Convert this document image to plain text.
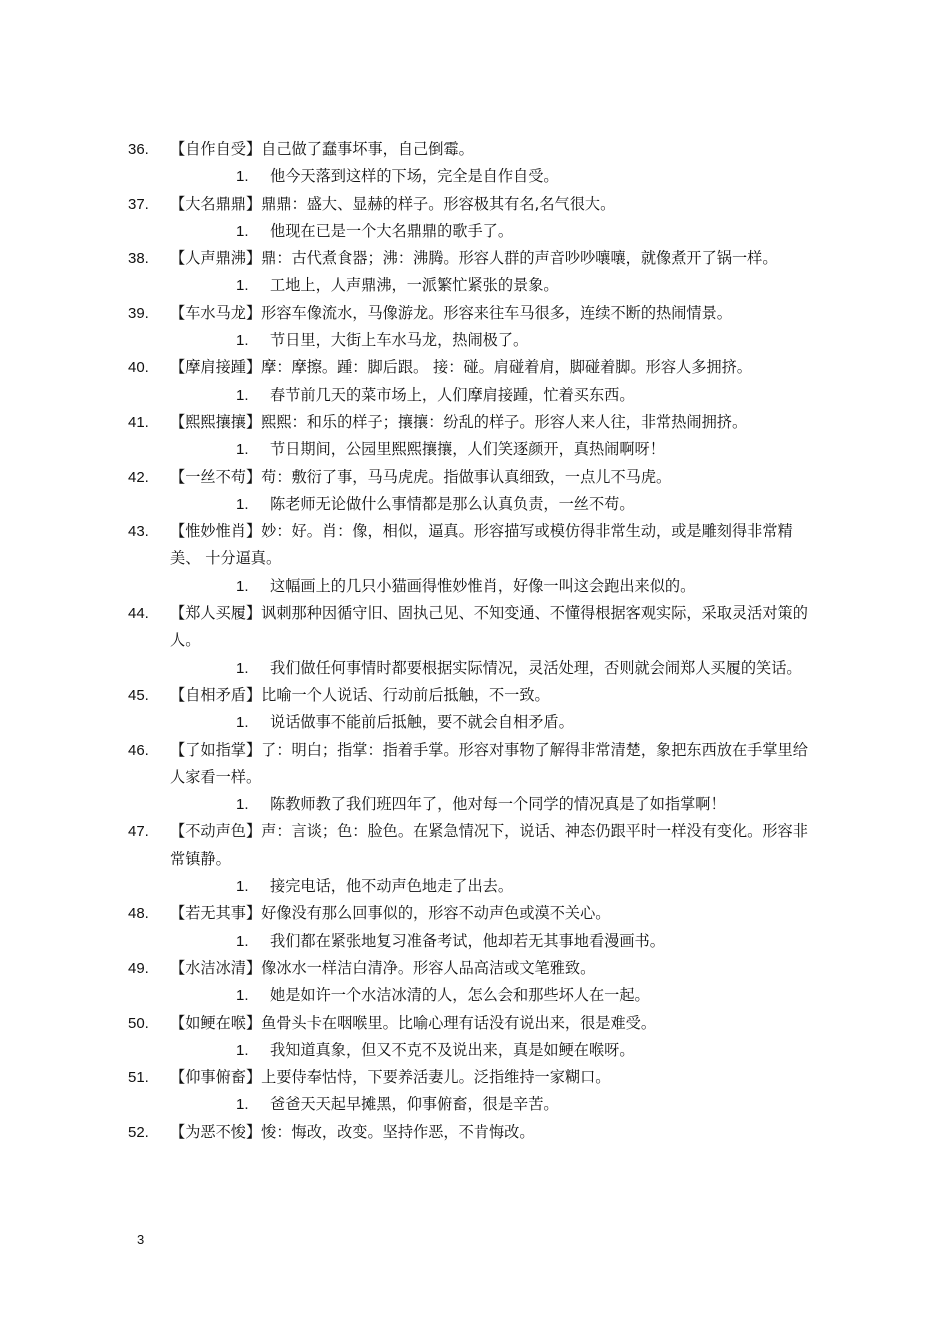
36.	【自作自受】自己做了蠢事坏事，自己倒霉。
1.	他今天落到这样的下场，完全是自作自受。
37.	【大名鼎鼎】鼎鼎：盛大、显赫的样子。形容极其有名,名气很大。
1.	他现在已是一个大名鼎鼎的歌手了。
38.	【人声鼎沸】鼎：古代煮食器；沸：沸腾。形容人群的声音吵吵嚷嚷，就像煮开了锅一样。
1.	工地上，人声鼎沸，一派繁忙紧张的景象。
39.	【车水马龙】形容车像流水，马像游龙。形容来往车马很多，连续不断的热闹情景。
1.	节日里，大街上车水马龙，热闹极了。
40.	【摩肩接踵】摩：摩擦。踵：脚后跟。 接：碰。肩碰着肩，脚碰着脚。形容人多拥挤。
1.	春节前几天的菜市场上，人们摩肩接踵，忙着买东西。
41.	【熙熙攘攘】熙熙：和乐的样子；攘攘：纷乱的样子。形容人来人往，非常热闹拥挤。
1.	节日期间，公园里熙熙攘攘，人们笑逐颜开，真热闹啊呀！
42.	【一丝不苟】苟：敷衍了事，马马虎虎。指做事认真细致，一点儿不马虎。
1.	陈老师无论做什么事情都是那么认真负责，一丝不苟。
43.	【惟妙惟肖】妙：好。肖：像，相似，逼真。形容描写或模仿得非常生动，或是雕刻得非常精美、 十分逼真。
1.	这幅画上的几只小猫画得惟妙惟肖，好像一叫这会跑出来似的。
44.	【郑人买履】讽刺那种因循守旧、固执己见、不知变通、不懂得根据客观实际，采取灵活对策的人。
1.	我们做任何事情时都要根据实际情况，灵活处理，否则就会闹郑人买履的笑话。
45.	【自相矛盾】比喻一个人说话、行动前后抵触，不一致。
1.	说话做事不能前后抵触，要不就会自相矛盾。
46.	【了如指掌】了：明白；指掌：指着手掌。形容对事物了解得非常清楚，象把东西放在手掌里给人家看一样。
1.	陈教师教了我们班四年了，他对每一个同学的情况真是了如指掌啊！
47.	【不动声色】声：言谈；色：脸色。在紧急情况下，说话、神态仍跟平时一样没有变化。形容非常镇静。
1.	接完电话，他不动声色地走了出去。
48.	【若无其事】好像没有那么回事似的，形容不动声色或漠不关心。
1.	我们都在紧张地复习准备考试，他却若无其事地看漫画书。
49.	【水洁冰清】像冰水一样洁白清净。形容人品高洁或文笔雅致。
1.	她是如许一个水洁冰清的人，怎么会和那些坏人在一起。
50.	【如鲠在喉】鱼骨头卡在咽喉里。比喻心理有话没有说出来，很是难受。
1.	我知道真象，但又不克不及说出来，真是如鲠在喉呀。
51.	【仰事俯畜】上要侍奉怙恃，下要养活妻儿。泛指维持一家糊口。
1.	爸爸天天起早摊黑，仰事俯畜，很是辛苦。
52.	【为恶不悛】悛：悔改，改变。坚持作恶，不肯悔改。
3
